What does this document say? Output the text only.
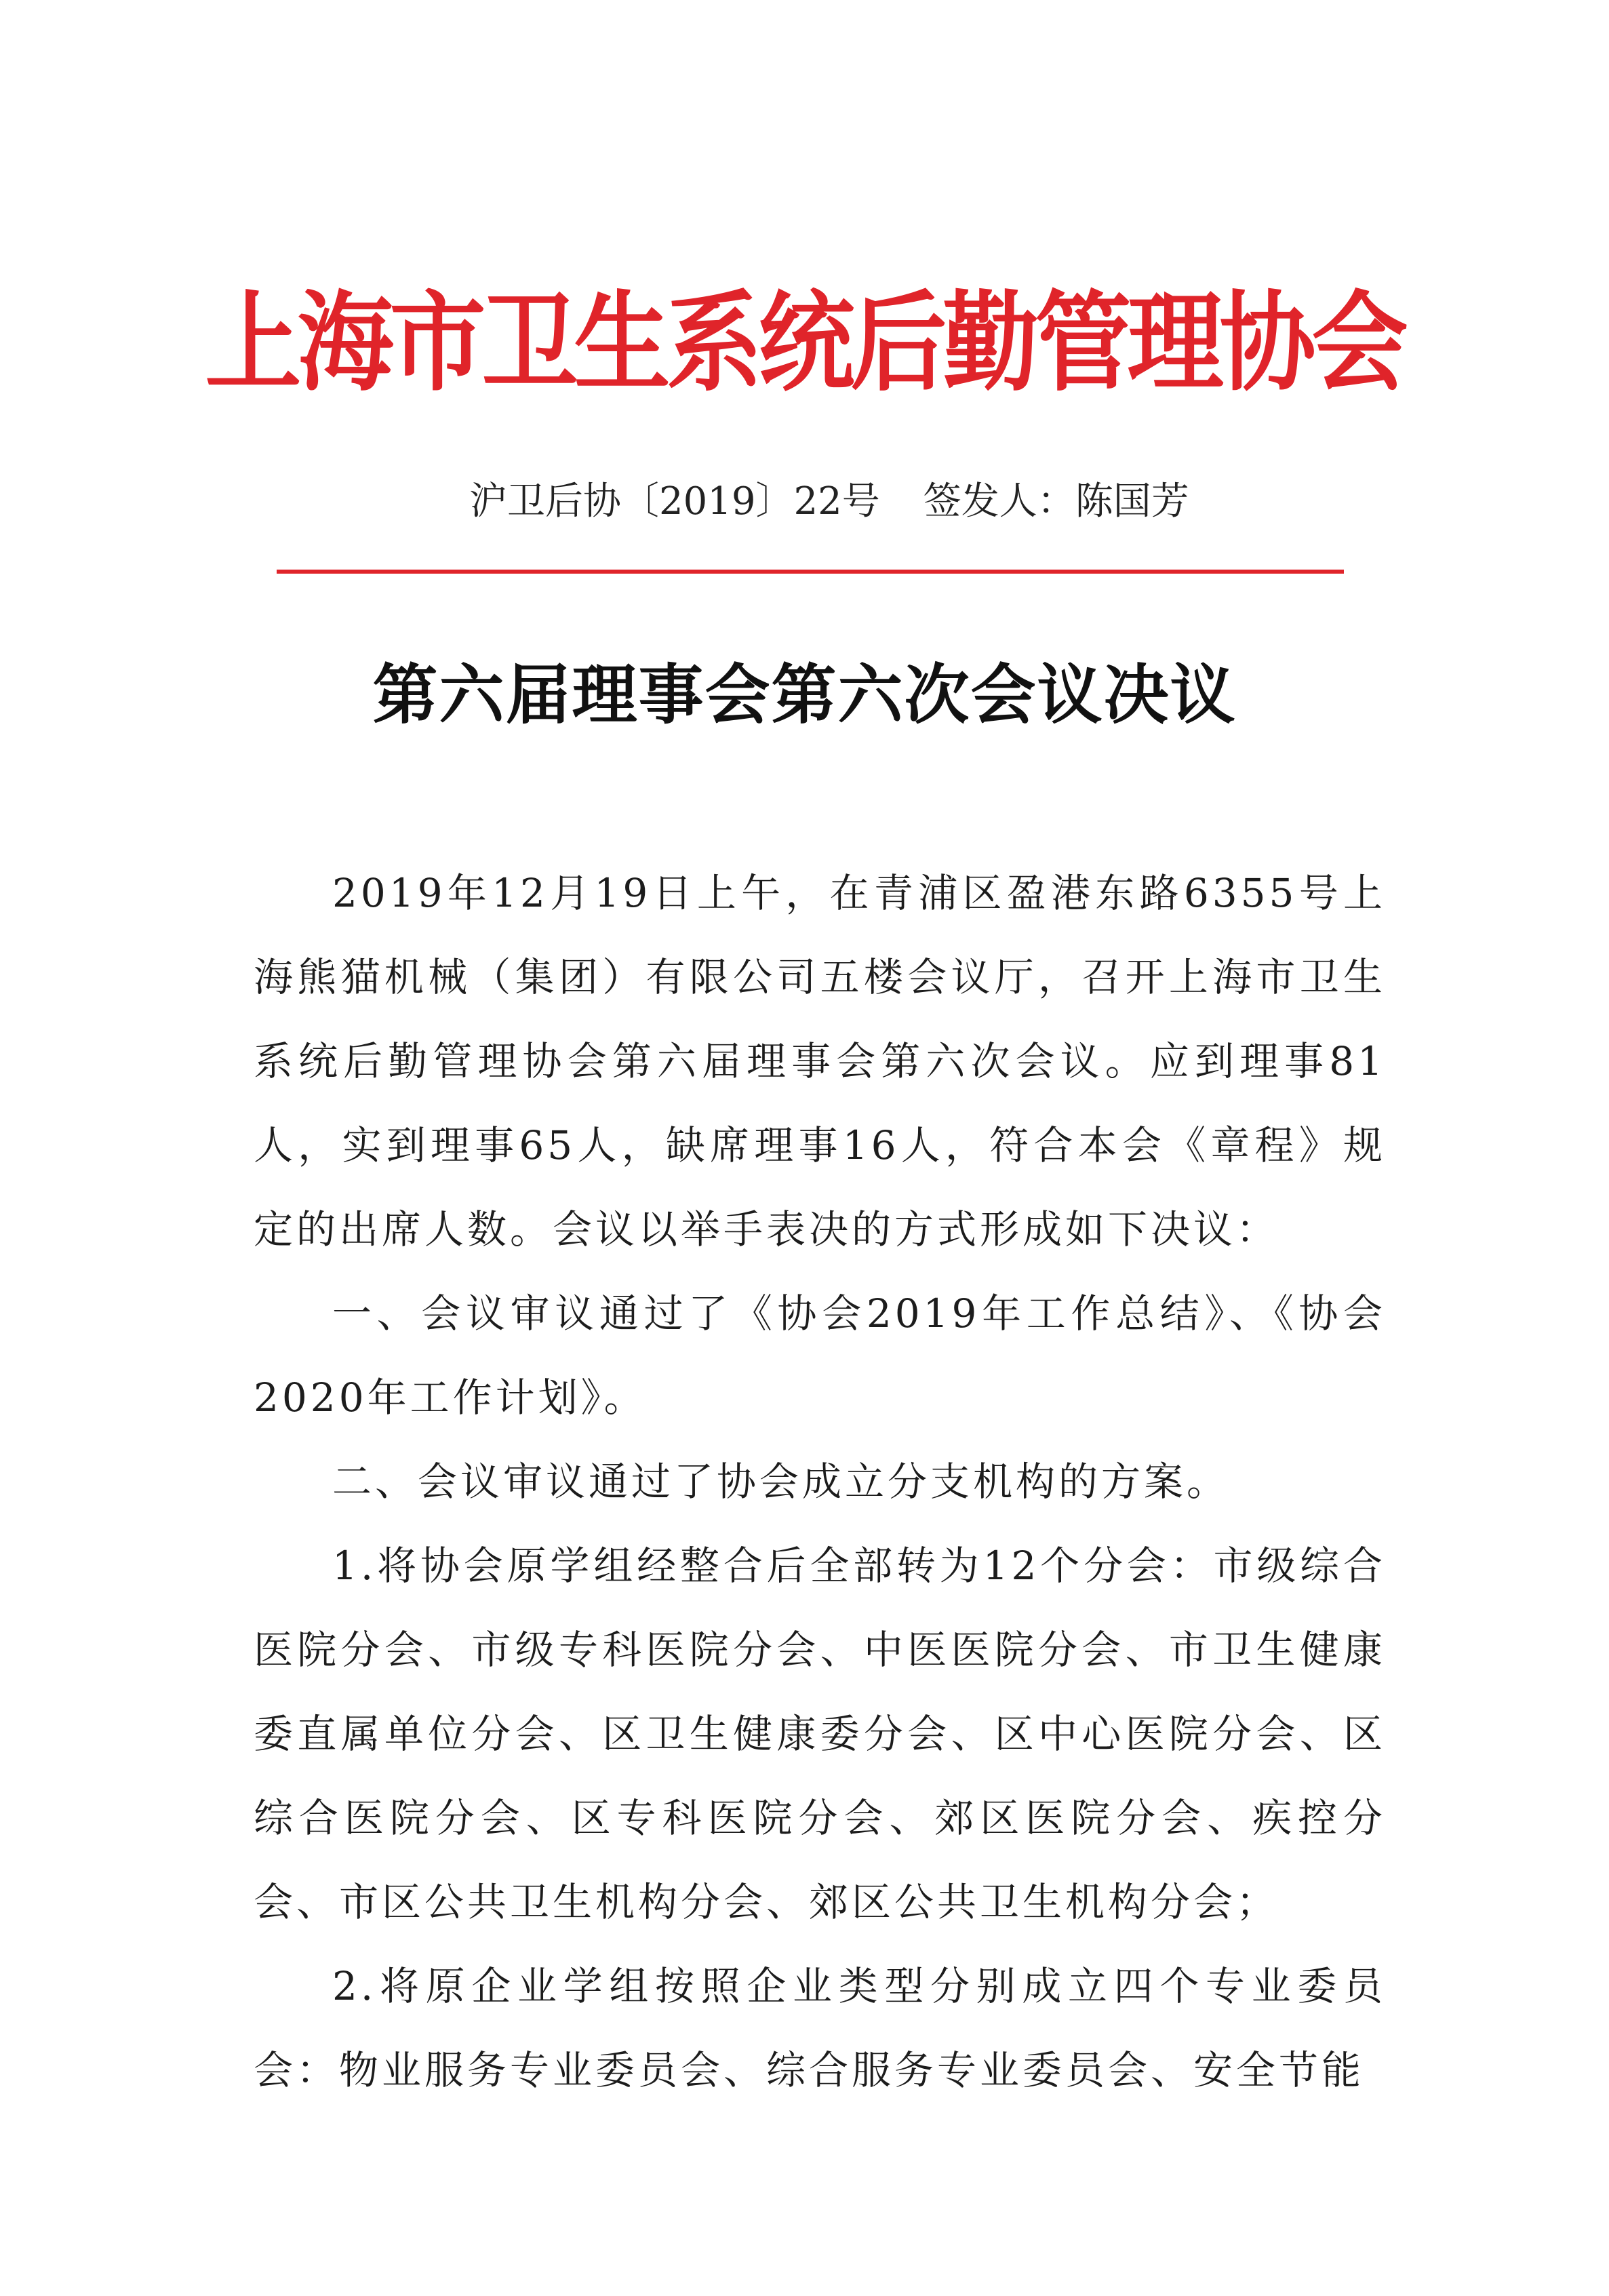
上海市卫生系统后勤管理协会
沪卫后协〔2019〕22号 签发人：陈国芳
第六届理事会第六次会议决议

2019年12月19日上午，在青浦区盈港东路6355号上海熊猫机械（集团）有限公司五楼会议厅，召开上海市卫生系统后勤管理协会第六届理事会第六次会议。应到理事81人，实到理事65人，缺席理事16人，符合本会《章程》规定的出席人数。会议以举手表决的方式形成如下决议：

一、会议审议通过了《协会2019年工作总结》、《协会2020年工作计划》。

二、会议审议通过了协会成立分支机构的方案。

1.将协会原学组经整合后全部转为12个分会：市级综合医院分会、市级专科医院分会、中医医院分会、市卫生健康委直属单位分会、区卫生健康委分会、区中心医院分会、区综合医院分会、区专科医院分会、郊区医院分会、疾控分会、市区公共卫生机构分会、郊区公共卫生机构分会；

2.将原企业学组按照企业类型分别成立四个专业委员会：物业服务专业委员会、综合服务专业委员会、安全节能
